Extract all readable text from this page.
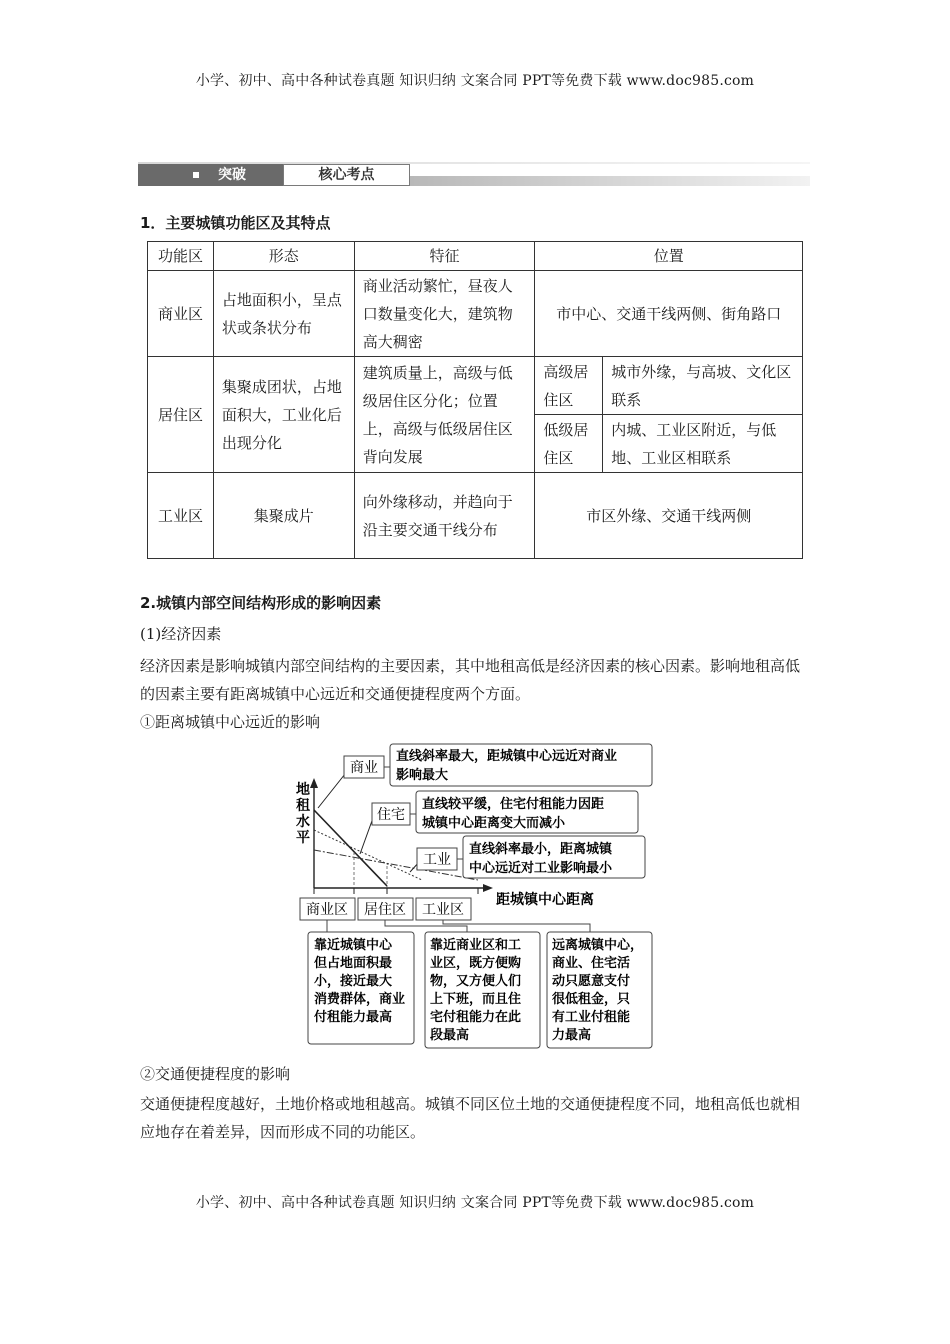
小学、初中、高中各种试卷真题 知识归纳 文案合同 PPT等免费下载 www.doc985.com
突破	核心考点
1．主要城镇功能区及其特点
功能区	形态	特征	位置	
商业区	占地面积小，呈点状或条状分布	商业活动繁忙，昼夜人口数量变化大，建筑物高大稠密	市中心、交通干线两侧、街角路口	
居住区	集聚成团状，占地面积大，工业化后出现分化	建筑质量上，高级与低级居住区分化；位置上，高级与低级居住区背向发展	高级居住区	城市外缘，与高坡、文化区联系
			低级居住区	内城、工业区附近，与低地、工业区相联系
工业区	集聚成片	向外缘移动，并趋向于沿主要交通干线分布	市区外缘、交通干线两侧	
2.城镇内部空间结构形成的影响因素
(1)经济因素
经济因素是影响城镇内部空间结构的主要因素，其中地租高低是经济因素的核心因素。影响地租高低的因素主要有距离城镇中心远近和交通便捷程度两个方面。
①距离城镇中心远近的影响
地 租 水 平
距城镇中心距离
商业
住宅
工业
直线斜率最大，距城镇中心远近对商业
影响最大
直线较平缓，住宅付租能力因距
城镇中心距离变大而减小
直线斜率最小，距离城镇
中心远近对工业影响最小
商业区 居住区 工业区
靠近城镇中心 但占地面积最 小，接近最大 消费群体，商业 付租能力最高
靠近商业区和工 业区，既方便购 物，又方便人们 上下班，而且住 宅付租能力在此 段最高
远离城镇中心， 商业、住宅活 动只愿意支付 很低租金，只 有工业付租能 力最高
②交通便捷程度的影响
交通便捷程度越好，土地价格或地租越高。城镇不同区位土地的交通便捷程度不同，地租高低也就相应地存在着差异，因而形成不同的功能区。
小学、初中、高中各种试卷真题 知识归纳 文案合同 PPT等免费下载 www.doc985.com
